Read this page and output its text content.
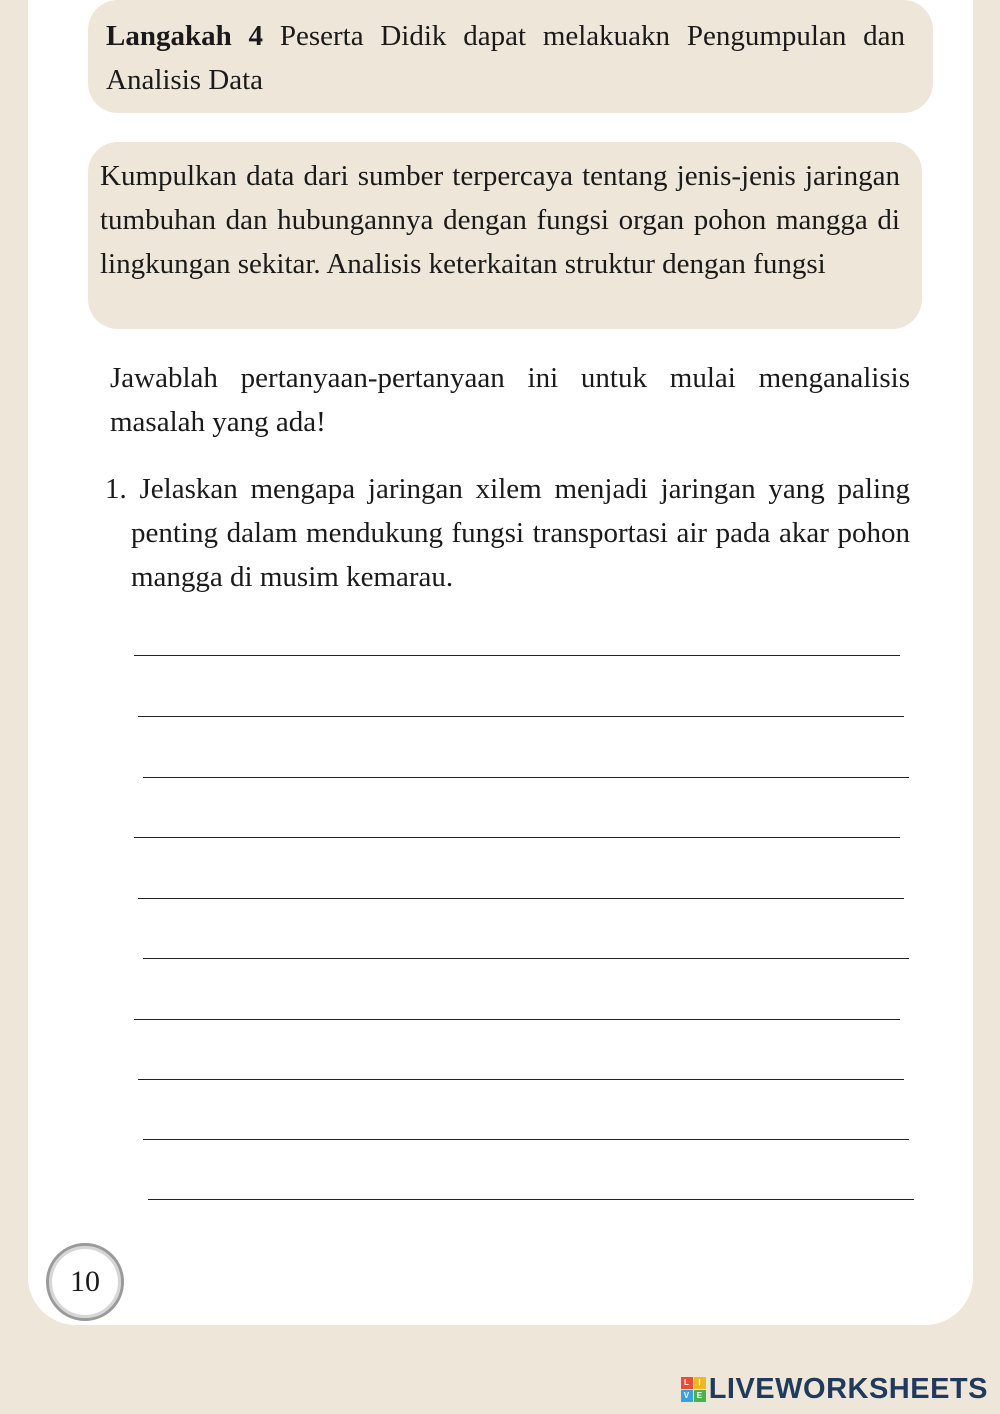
Langakah 4 Peserta Didik dapat melakuakn Pengumpulan dan Analisis Data
Kumpulkan data dari sumber terpercaya tentang jenis-jenis jaringan tumbuhan dan hubungannya dengan fungsi organ pohon mangga di lingkungan sekitar. Analisis keterkaitan struktur dengan fungsi
Jawablah pertanyaan-pertanyaan ini untuk mulai menganalisis masalah yang ada!
1. Jelaskan mengapa jaringan xilem menjadi jaringan yang paling penting dalam mendukung fungsi transportasi air pada akar pohon mangga di musim kemarau.
10
L	I
V E LIVEWORKSHEETS
